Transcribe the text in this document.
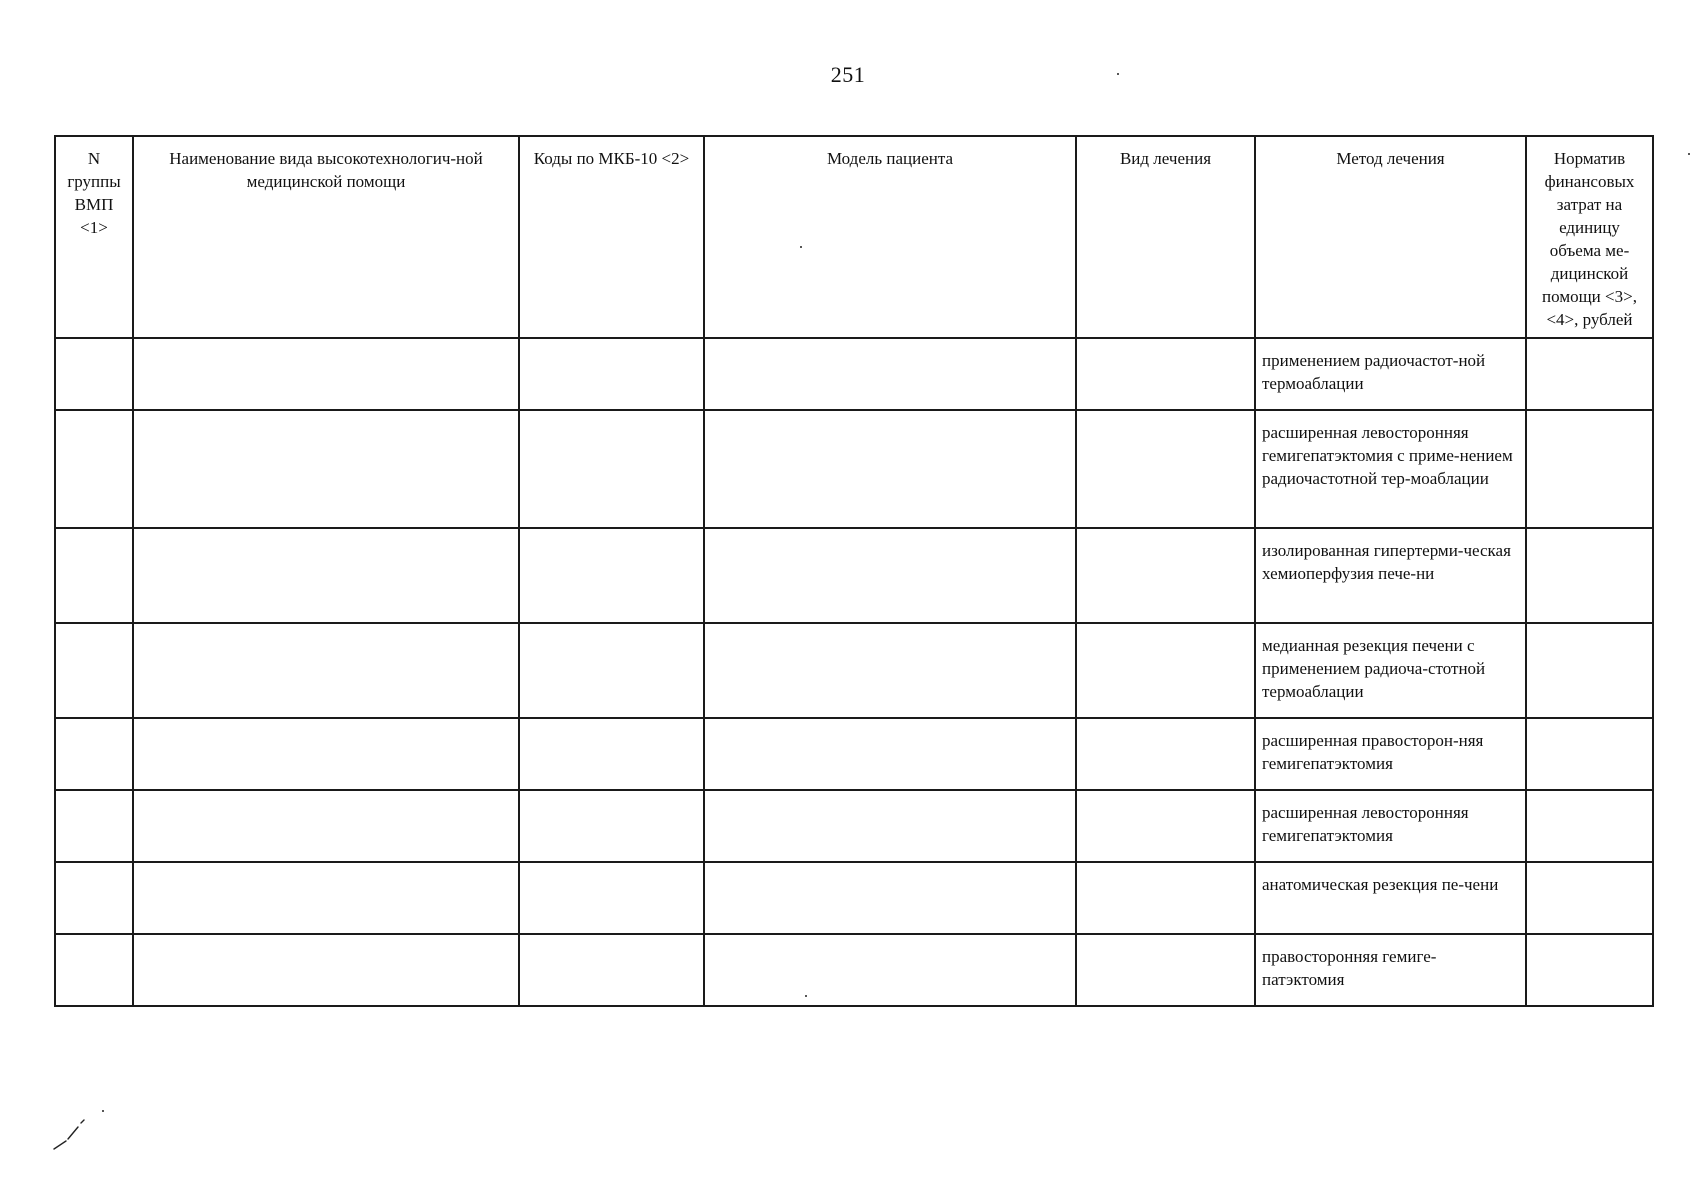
251
N группы ВМП <1>	Наименование вида высокотехнологич-ной медицинской помощи	Коды по МКБ-10 <2>	Модель пациента	Вид лечения	Метод лечения	Норматив финансовых затрат на единицу объема ме-дицинской помощи <3>, <4>, рублей
					применением радиочастот-ной термоаблации	
					расширенная левосторонняя гемигепатэктомия с приме-нением радиочастотной тер-моаблации	
					изолированная гипертерми-ческая хемиоперфузия пече-ни	
					медианная резекция печени с применением радиоча-стотной термоаблации	
					расширенная правосторон-няя гемигепатэктомия	
					расширенная левосторонняя гемигепатэктомия	
					анатомическая резекция пе-чени	
					правосторонняя гемиге-патэктомия	
